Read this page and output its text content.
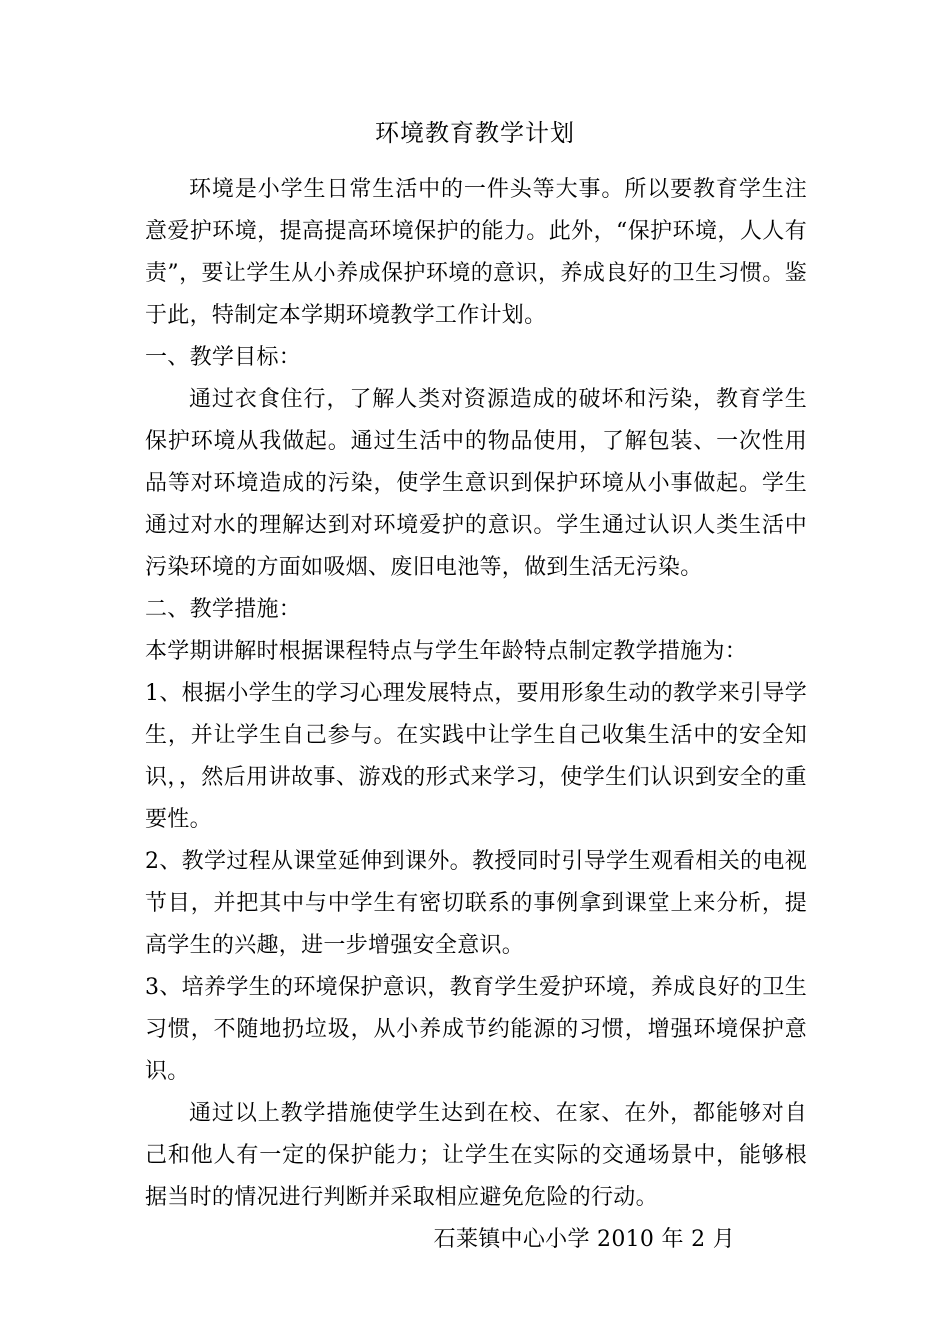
环境教育教学计划

环境是小学生日常生活中的一件头等大事。所以要教育学生注意爱护环境，提高提高环境保护的能力。此外，“保护环境，人人有责”，要让学生从小养成保护环境的意识，养成良好的卫生习惯。鉴于此，特制定本学期环境教学工作计划。

一、教学目标：

通过衣食住行，了解人类对资源造成的破坏和污染，教育学生保护环境从我做起。通过生活中的物品使用，了解包装、一次性用品等对环境造成的污染，使学生意识到保护环境从小事做起。学生通过对水的理解达到对环境爱护的意识。学生通过认识人类生活中污染环境的方面如吸烟、废旧电池等，做到生活无污染。

二、教学措施：

本学期讲解时根据课程特点与学生年龄特点制定教学措施为：

1、根据小学生的学习心理发展特点，要用形象生动的教学来引导学生，并让学生自己参与。在实践中让学生自己收集生活中的安全知识，，然后用讲故事、游戏的形式来学习，使学生们认识到安全的重要性。

2、教学过程从课堂延伸到课外。教授同时引导学生观看相关的电视节目，并把其中与中学生有密切联系的事例拿到课堂上来分析，提高学生的兴趣，进一步增强安全意识。

3、培养学生的环境保护意识，教育学生爱护环境，养成良好的卫生习惯，不随地扔垃圾，从小养成节约能源的习惯，增强环境保护意识。

通过以上教学措施使学生达到在校、在家、在外，都能够对自己和他人有一定的保护能力；让学生在实际的交通场景中，能够根据当时的情况进行判断并采取相应避免危险的行动。

石莱镇中心小学 2010 年 2 月
